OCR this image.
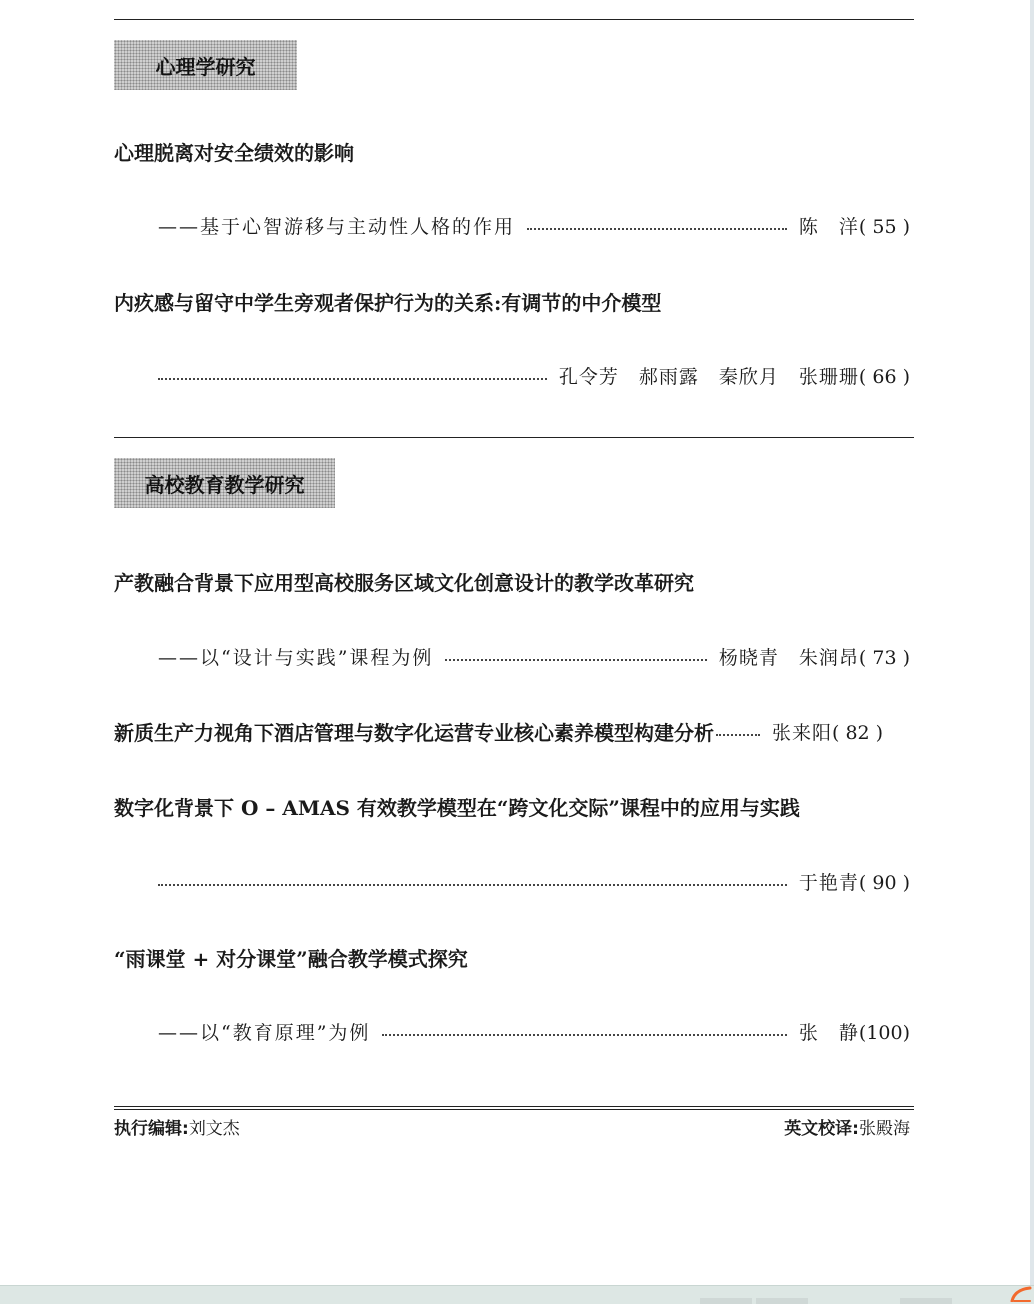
心理学研究
心理脱离对安全绩效的影响
——基于心智游移与主动性人格的作用	陈　洋 ( 55 )
内疚感与留守中学生旁观者保护行为的关系:有调节的中介模型
孔令芳　郝雨露　秦欣月　张珊珊 ( 66 )
高校教育教学研究
产教融合背景下应用型高校服务区域文化创意设计的教学改革研究
——以“设计与实践”课程为例	杨晓青　朱润昂 ( 73 )
新质生产力视角下酒店管理与数字化运营专业核心素养模型构建分析	张来阳 ( 82 )
数字化背景下 O – AMAS 有效教学模型在“跨文化交际”课程中的应用与实践
于艳青 ( 90 )
“雨课堂 + 对分课堂”融合教学模式探究
——以“教育原理”为例	张　静 (100)
执行编辑:刘文杰	英文校译:张殿海
